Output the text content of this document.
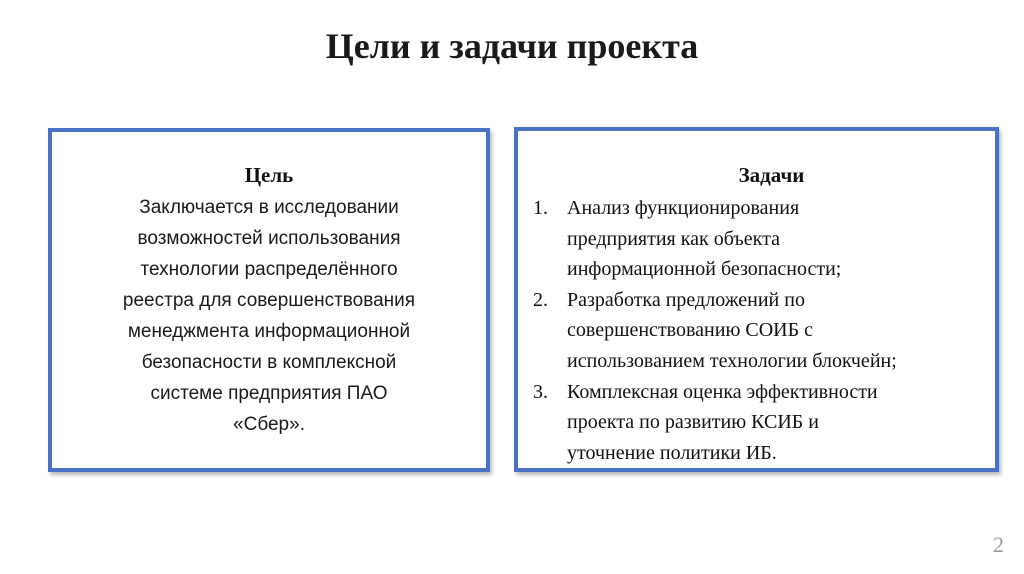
Цели и задачи проекта
Цель
Заключается в исследовании
возможностей использования
технологии распределённого
реестра для совершенствования
менеджмента информационной
безопасности в комплексной
системе предприятия ПАО
«Сбер».
Задачи
1. Анализ функционирования
предприятия как объекта
информационной безопасности;
2. Разработка предложений по
совершенствованию СОИБ с
использованием технологии блокчейн;
3. Комплексная оценка эффективности
проекта по развитию КСИБ и
уточнение политики ИБ.
2
